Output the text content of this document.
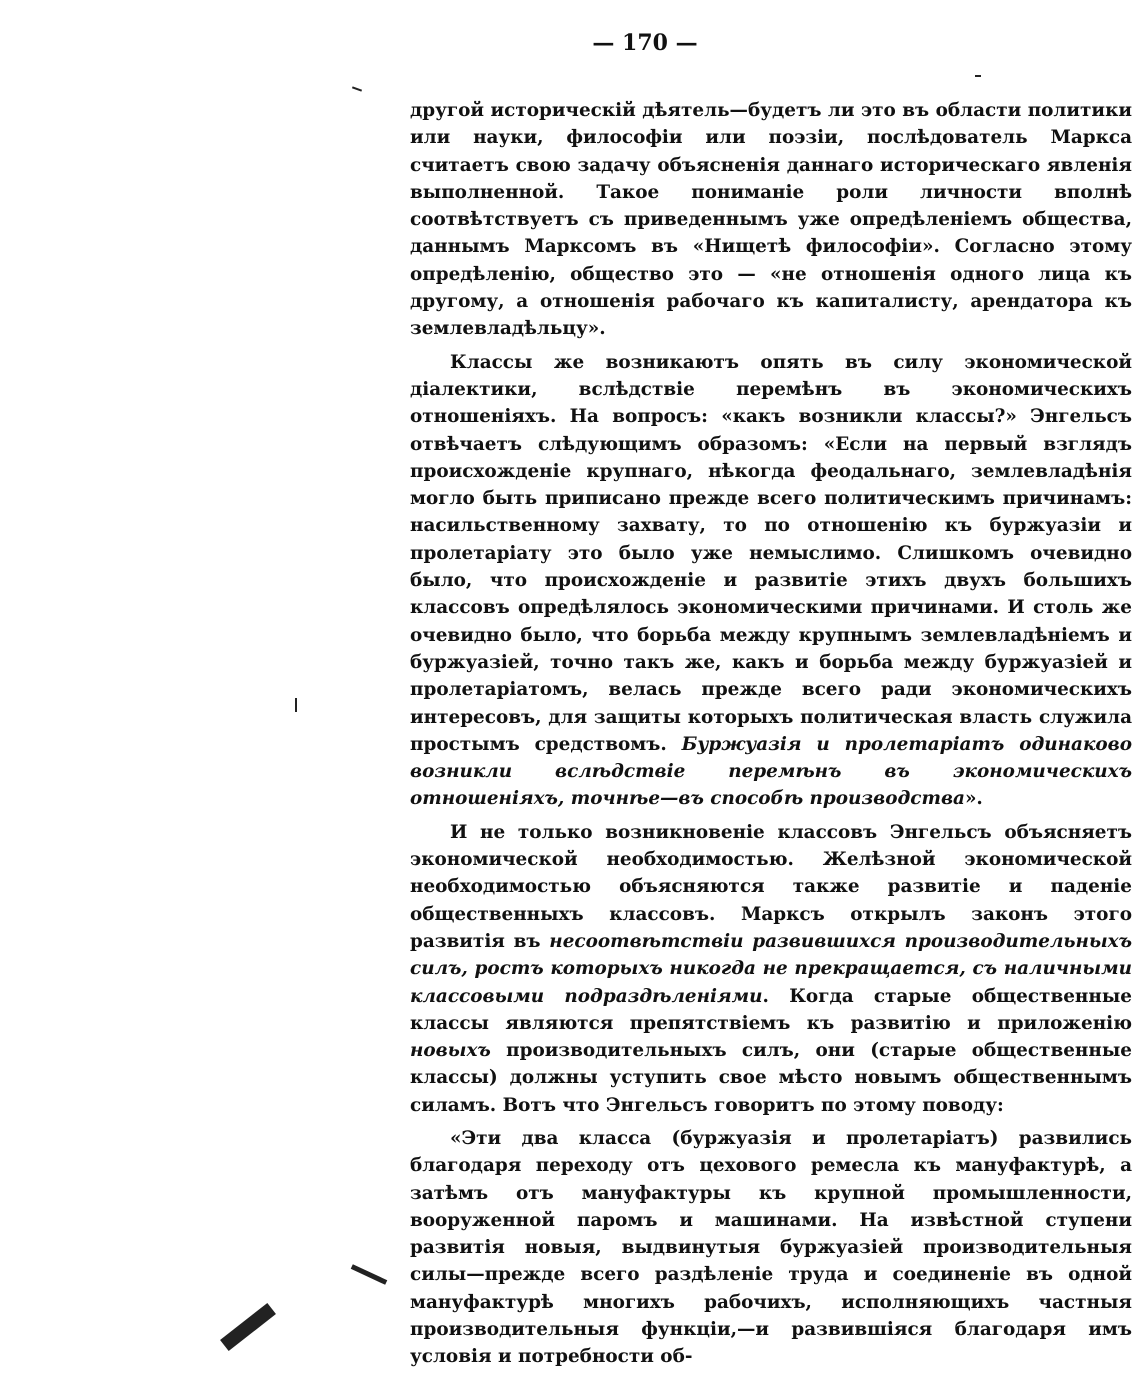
— 170 —

другой историческій дѣятель—будетъ ли это въ области политики или науки, философіи или поэзіи, послѣдователь Маркса считаетъ свою задачу объясненія даннаго историческаго явленія выполненной. Такое пониманіе роли личности вполнѣ соотвѣтствуетъ съ приведеннымъ уже опредѣленіемъ общества, даннымъ Марксомъ въ «Нищетѣ философіи». Согласно этому опредѣленію, общество это — «не отношенія одного лица къ другому, а отношенія рабочаго къ капиталисту, арендатора къ землевладѣльцу».

Классы же возникаютъ опять въ силу экономической діалектики, вслѣдствіе перемѣнъ въ экономическихъ отношеніяхъ. На вопросъ: «какъ возникли классы?» Энгельсъ отвѣчаетъ слѣдующимъ образомъ: «Если на первый взглядъ происхожденіе крупнаго, нѣкогда феодальнаго, землевладѣнія могло быть приписано прежде всего политическимъ причинамъ: насильственному захвату, то по отношенію къ буржуазіи и пролетаріату это было уже немыслимо. Слишкомъ очевидно было, что происхожденіе и развитіе этихъ двухъ большихъ классовъ опредѣлялось экономическими причинами. И столь же очевидно было, что борьба между крупнымъ землевладѣніемъ и буржуазіей, точно такъ же, какъ и борьба между буржуазіей и пролетаріатомъ, велась прежде всего ради экономическихъ интересовъ, для защиты которыхъ политическая власть служила простымъ средствомъ. Буржуазія и пролетаріатъ одинаково возникли вслѣдствіе перемѣнъ въ экономическихъ отношеніяхъ, точнѣе—въ способѣ производства».

И не только возникновеніе классовъ Энгельсъ объясняетъ экономической необходимостью. Желѣзной экономической необходимостью объясняются также развитіе и паденіе общественныхъ классовъ. Марксъ открылъ законъ этого развитія въ несоотвѣтствіи развившихся производительныхъ силъ, ростъ которыхъ никогда не прекращается, съ наличными классовыми подраздѣленіями. Когда старые общественные классы являются препятствіемъ къ развитію и приложенію новыхъ производительныхъ силъ, они (старые общественные классы) должны уступить свое мѣсто новымъ общественнымъ силамъ. Вотъ что Энгельсъ говоритъ по этому поводу:

«Эти два класса (буржуазія и пролетаріатъ) развились благодаря переходу отъ цехового ремесла къ мануфактурѣ, а затѣмъ отъ мануфактуры къ крупной промышленности, вооруженной паромъ и машинами. На извѣстной ступени развитія новыя, выдвинутыя буржуазіей производительныя силы—прежде всего раздѣленіе труда и соединеніе въ одной мануфактурѣ многихъ рабочихъ, исполняющихъ частныя производительныя функціи,—и развившіяся благодаря имъ условія и потребности об-
